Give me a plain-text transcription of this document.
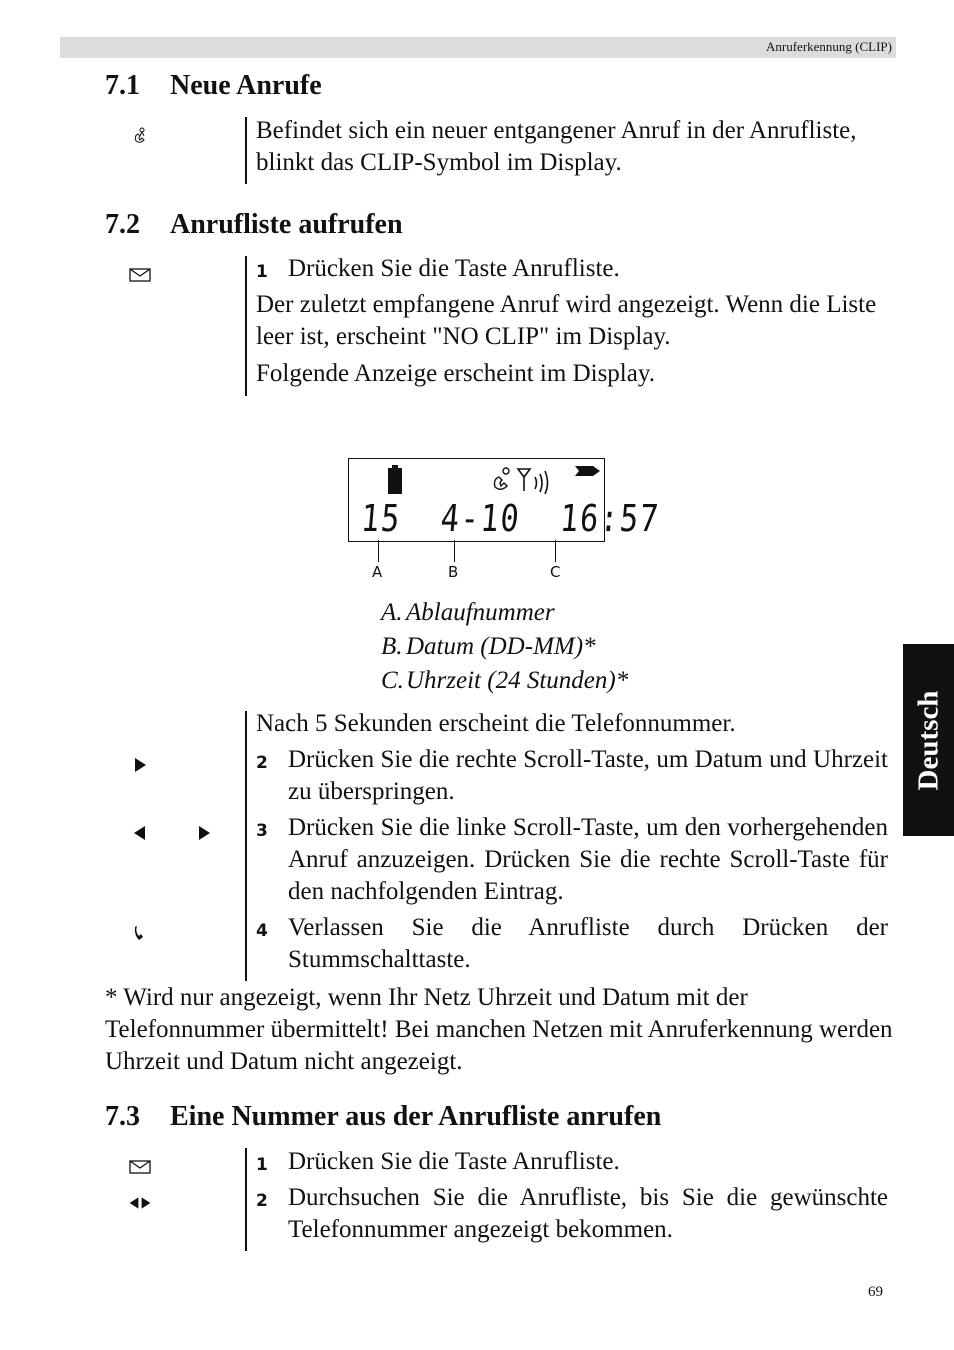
Anruferkennung (CLIP)
Deutsch
7.1 Neue Anrufe

Befindet sich ein neuer entgangener Anruf in der Anrufliste, blinkt das CLIP-Symbol im Display.

7.2 Anrufliste aufrufen
1 Drücken Sie die Taste Anrufliste.

Der zuletzt empfangene Anruf wird angezeigt. Wenn die Liste leer ist, erscheint "NO CLIP" im Display.

Folgende Anzeige erscheint im Display.

15  4-10  16:57
A	B	C
A. Ablaufnummer
B. Datum (DD-MM)*
C. Uhrzeit (24 Stunden)*

Nach 5 Sekunden erscheint die Telefonnummer.

2 Drücken Sie die rechte Scroll-Taste, um Datum und Uhrzeit zu überspringen.
3 Drücken Sie die linke Scroll-Taste, um den vorhergehenden Anruf anzuzeigen. Drücken Sie die rechte Scroll-Taste für den nachfolgenden Eintrag.
4 Verlassen Sie die Anrufliste durch Drücken der Stummschalttaste.

* Wird nur angezeigt, wenn Ihr Netz Uhrzeit und Datum mit der Telefonnummer übermittelt! Bei manchen Netzen mit Anruferkennung werden Uhrzeit und Datum nicht angezeigt.

7.3 Eine Nummer aus der Anrufliste anrufen
1 Drücken Sie die Taste Anrufliste.
2 Durchsuchen Sie die Anrufliste, bis Sie die gewünschte Telefonnummer angezeigt bekommen.
69
